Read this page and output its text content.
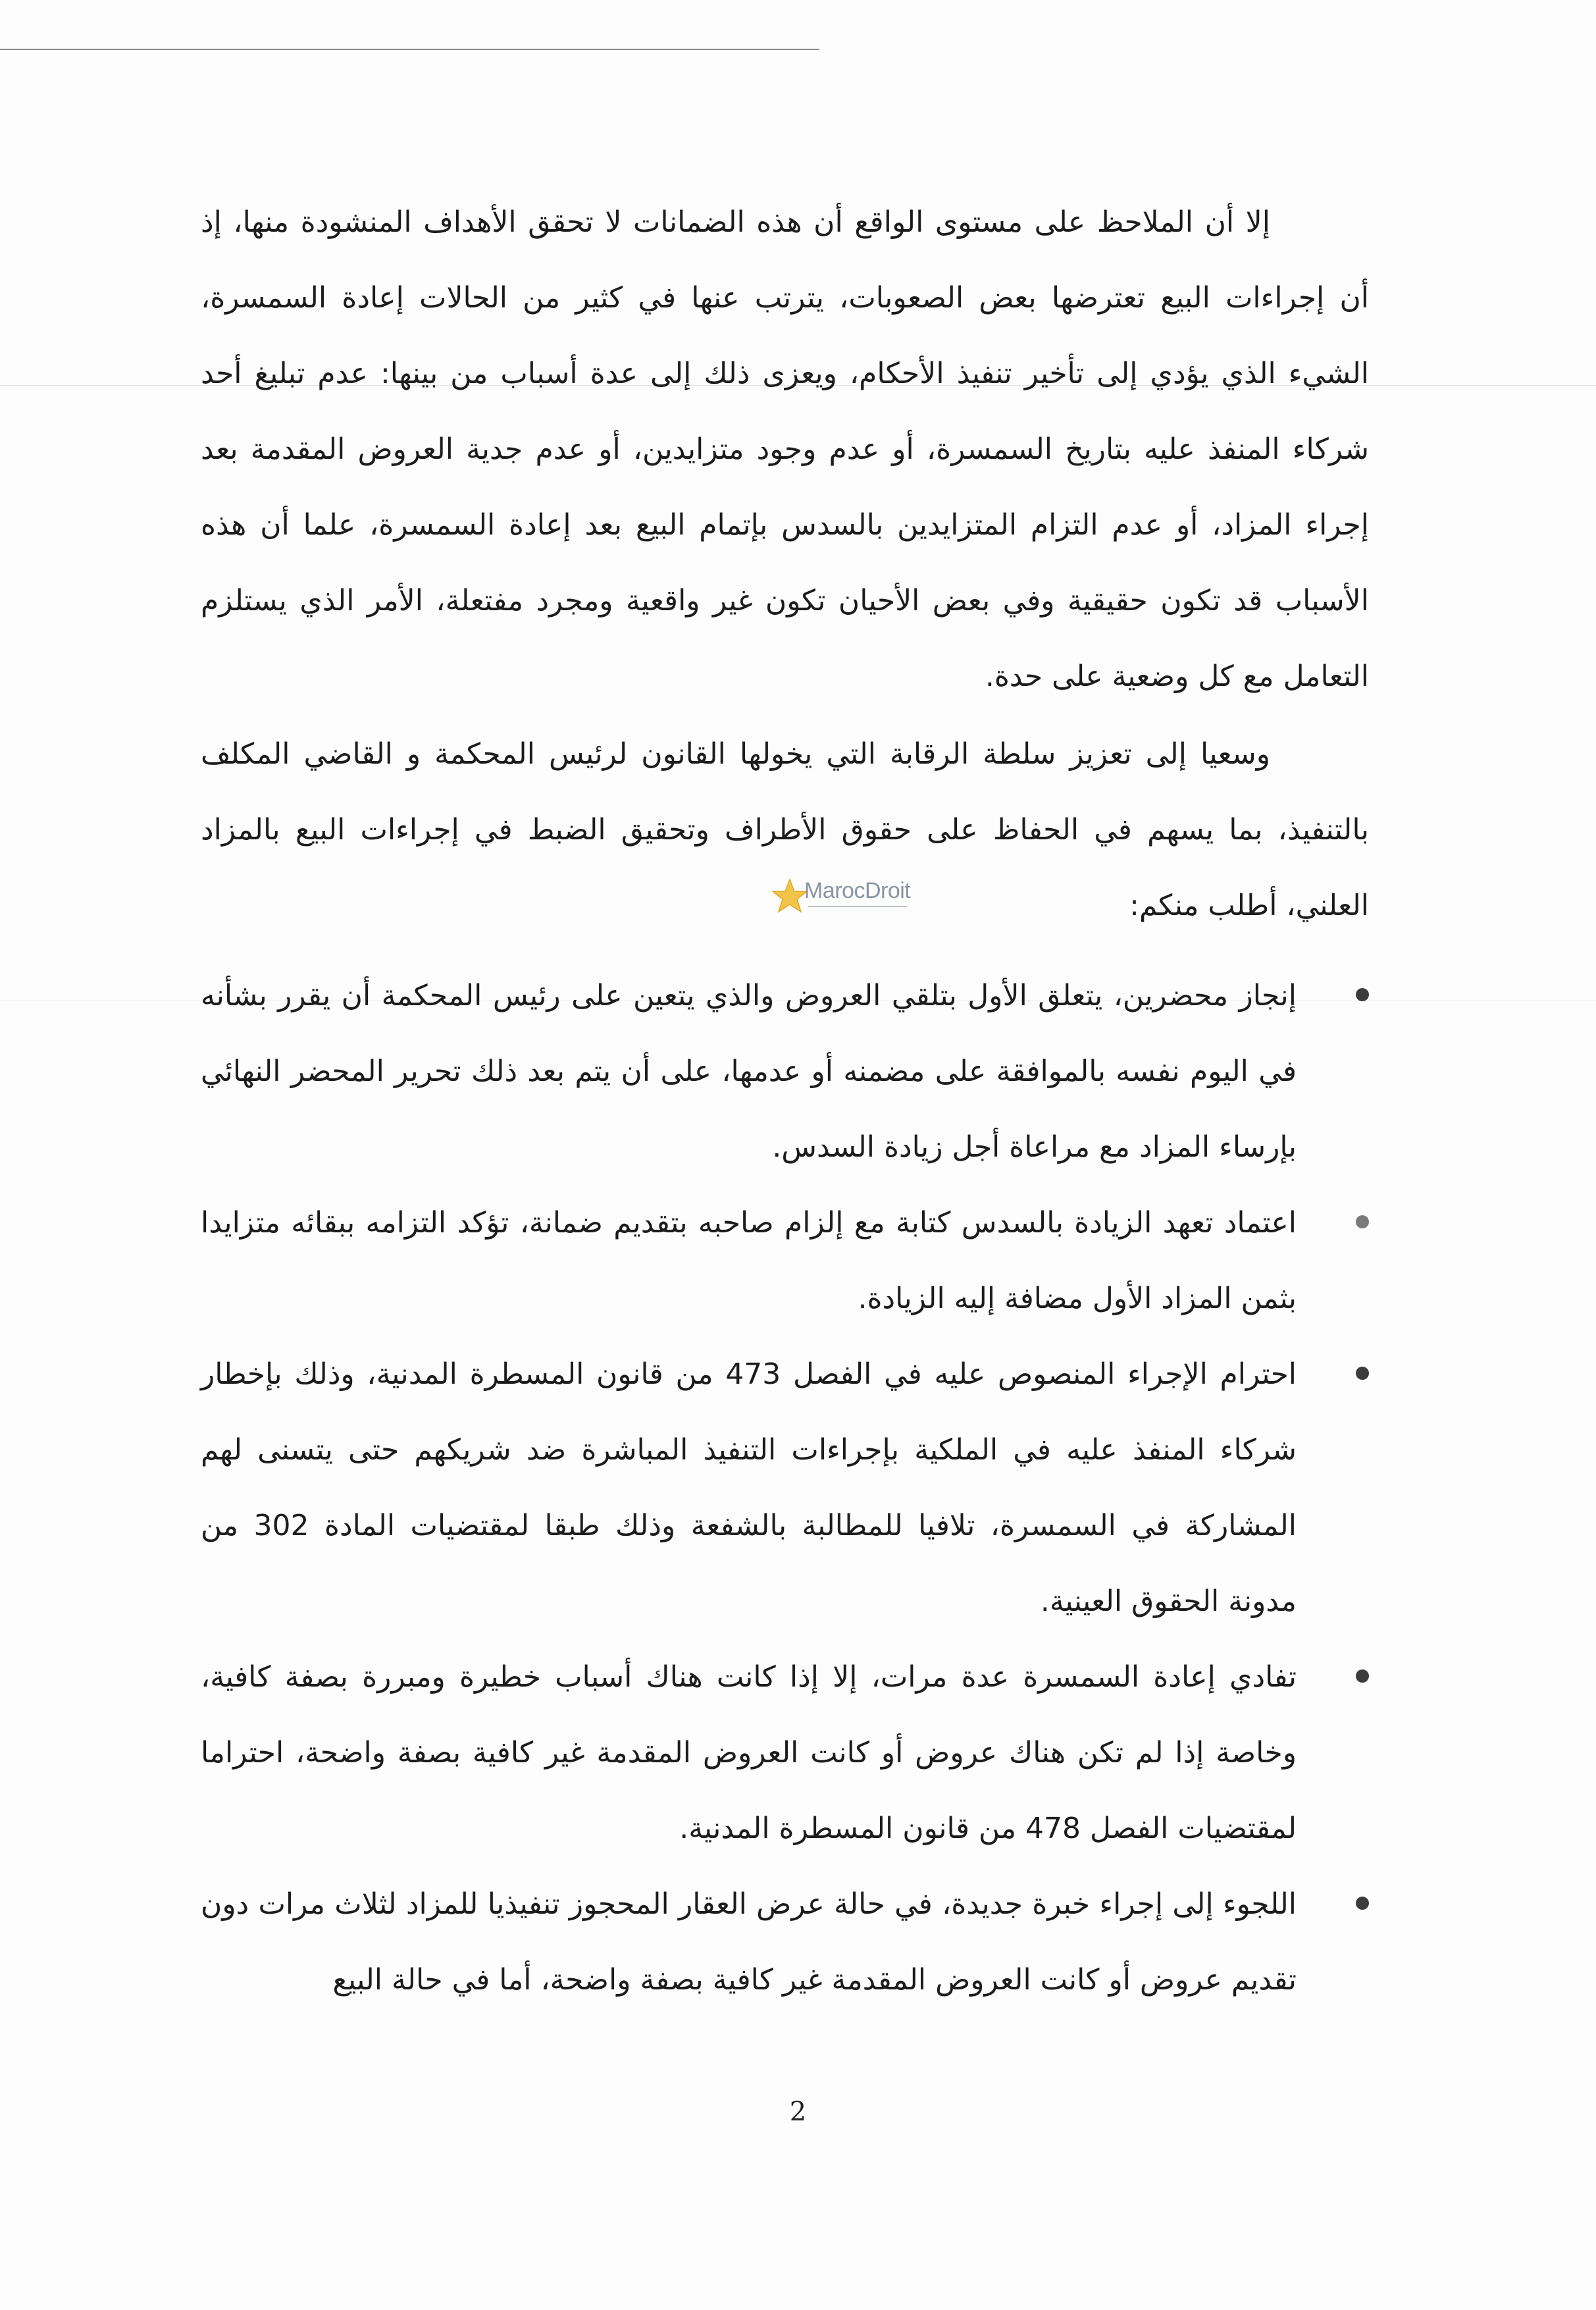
إلا أن الملاحظ على مستوى الواقع أن هذه الضمانات لا تحقق الأهداف المنشودة منها، إذ أن إجراءات البيع تعترضها بعض الصعوبات، يترتب عنها في كثير من الحالات إعادة السمسرة، الشيء الذي يؤدي إلى تأخير تنفيذ الأحكام، ويعزى ذلك إلى عدة أسباب من بينها: عدم تبليغ أحد شركاء المنفذ عليه بتاريخ السمسرة، أو عدم وجود متزايدين، أو عدم جدية العروض المقدمة بعد إجراء المزاد، أو عدم التزام المتزايدين بالسدس بإتمام البيع بعد إعادة السمسرة، علما أن هذه الأسباب قد تكون حقيقية وفي بعض الأحيان تكون غير واقعية ومجرد مفتعلة، الأمر الذي يستلزم التعامل مع كل وضعية على حدة.

وسعيا إلى تعزيز سلطة الرقابة التي يخولها القانون لرئيس المحكمة و القاضي المكلف بالتنفيذ، بما يسهم في الحفاظ على حقوق الأطراف وتحقيق الضبط في إجراءات البيع بالمزاد العلني، أطلب منكم:

MarocDroit
إنجاز محضرين، يتعلق الأول بتلقي العروض والذي يتعين على رئيس المحكمة أن يقرر بشأنه في اليوم نفسه بالموافقة على مضمنه أو عدمها، على أن يتم بعد ذلك تحرير المحضر النهائي بإرساء المزاد مع مراعاة أجل زيادة السدس.
اعتماد تعهد الزيادة بالسدس كتابة مع إلزام صاحبه بتقديم ضمانة، تؤكد التزامه ببقائه متزايدا بثمن المزاد الأول مضافة إليه الزيادة.
احترام الإجراء المنصوص عليه في الفصل 473 من قانون المسطرة المدنية، وذلك بإخطار شركاء المنفذ عليه في الملكية بإجراءات التنفيذ المباشرة ضد شريكهم حتى يتسنى لهم المشاركة في السمسرة، تلافيا للمطالبة بالشفعة وذلك طبقا لمقتضيات المادة 302 من مدونة الحقوق العينية.
تفادي إعادة السمسرة عدة مرات، إلا إذا كانت هناك أسباب خطيرة ومبررة بصفة كافية، وخاصة إذا لم تكن هناك عروض أو كانت العروض المقدمة غير كافية بصفة واضحة، احتراما لمقتضيات الفصل 478 من قانون المسطرة المدنية.
اللجوء إلى إجراء خبرة جديدة، في حالة عرض العقار المحجوز تنفيذيا للمزاد لثلاث مرات دون تقديم عروض أو كانت العروض المقدمة غير كافية بصفة واضحة، أما في حالة البيع
2
